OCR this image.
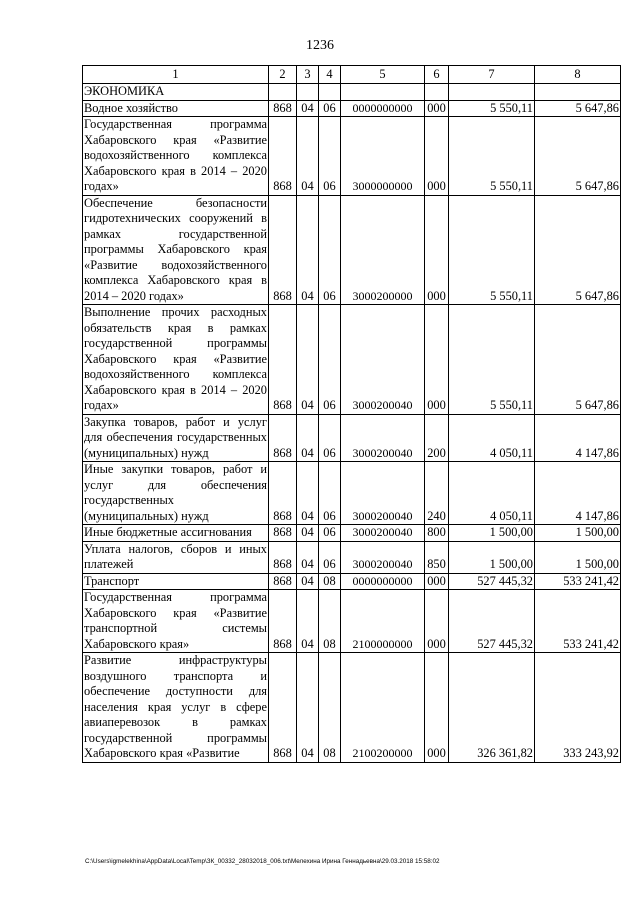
1236
1	2	3	4	5	6	7	8
ЭКОНОМИКА							
Водное хозяйство	868	04	06	0000000000	000	5 550,11	5 647,86
Государственная программа Хабаровского края «Развитие водохозяйственного комплекса Хабаровского края в 2014 – 2020 годах»	868	04	06	3000000000	000	5 550,11	5 647,86
Обеспечение безопасности гидротехнических сооружений в рамках государственной программы Хабаровского края «Развитие водохозяйственного комплекса Хабаровского края в 2014 – 2020 годах»	868	04	06	3000200000	000	5 550,11	5 647,86
Выполнение прочих расходных обязательств края в рамках государственной программы Хабаровского края «Развитие водохозяйственного комплекса Хабаровского края в 2014 – 2020 годах»	868	04	06	3000200040	000	5 550,11	5 647,86
Закупка товаров, работ и услуг для обеспечения государственных (муниципальных) нужд	868	04	06	3000200040	200	4 050,11	4 147,86
Иные закупки товаров, работ и услуг для обеспечения государственных (муниципальных) нужд	868	04	06	3000200040	240	4 050,11	4 147,86
Иные бюджетные ассигнования	868	04	06	3000200040	800	1 500,00	1 500,00
Уплата налогов, сборов и иных платежей	868	04	06	3000200040	850	1 500,00	1 500,00
Транспорт	868	04	08	0000000000	000	527 445,32	533 241,42
Государственная программа Хабаровского края «Развитие транспортной системы Хабаровского края»	868	04	08	2100000000	000	527 445,32	533 241,42
Развитие инфраструктуры воздушного транспорта и обеспечение доступности для населения края услуг в сфере авиаперевозок в рамках государственной программы Хабаровского края «Развитие	868	04	08	2100200000	000	326 361,82	333 243,92
C:\Users\igmelekhina\AppData\Local\Temp\ЗК_00332_28032018_006.txt\Мелехина Ирина Геннадьевна\29.03.2018 15:58:02
